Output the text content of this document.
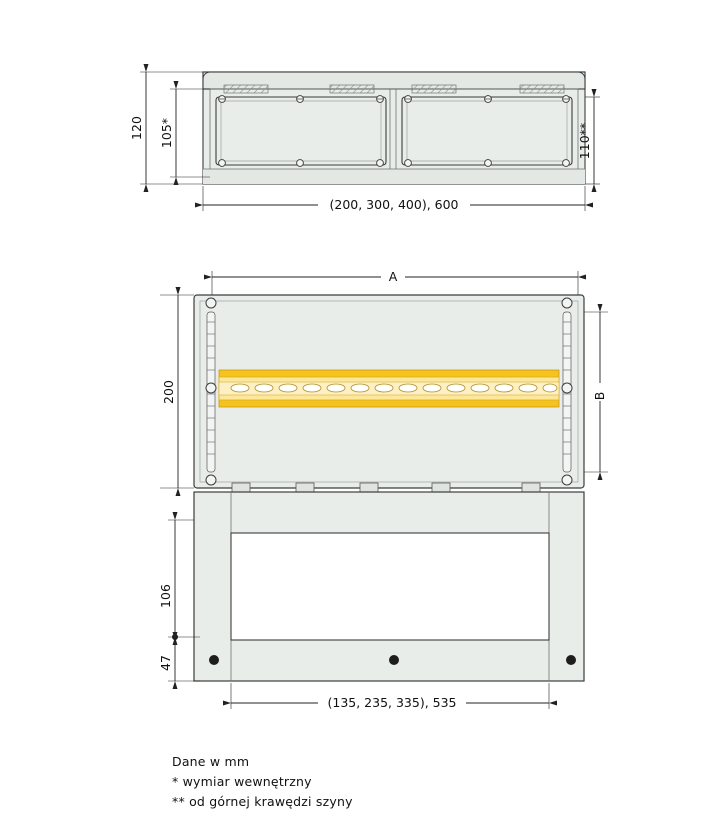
120 105*	110**
(200, 300, 400), 600
A
200	B
106
47
(135, 235, 335), 535
Dane w mm
* wymiar wewnętrzny
** od górnej krawędzi szyny
